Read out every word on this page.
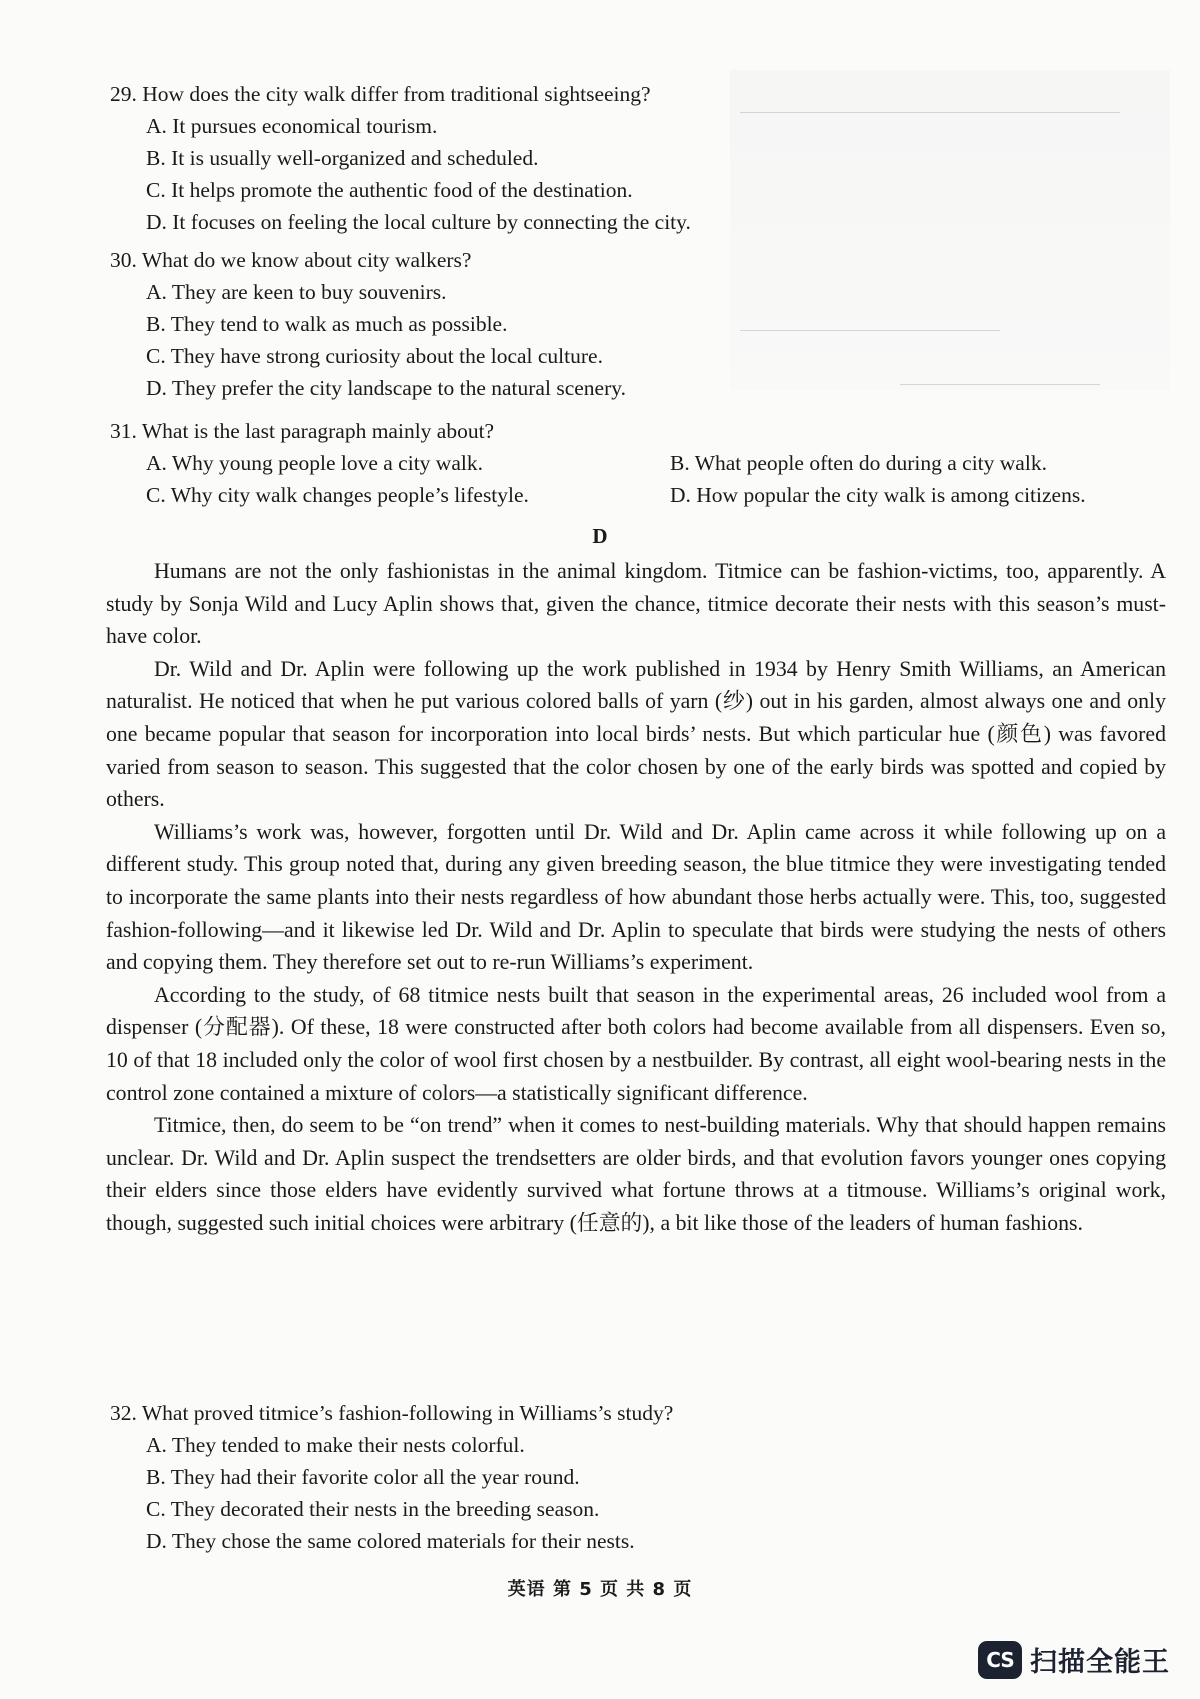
29. How does the city walk differ from traditional sightseeing?
A. It pursues economical tourism.
B. It is usually well-organized and scheduled.
C. It helps promote the authentic food of the destination.
D. It focuses on feeling the local culture by connecting the city.
30. What do we know about city walkers?
A. They are keen to buy souvenirs.
B. They tend to walk as much as possible.
C. They have strong curiosity about the local culture.
D. They prefer the city landscape to the natural scenery.
31. What is the last paragraph mainly about?
A. Why young people love a city walk.	B. What people often do during a city walk.
C. Why city walk changes people’s lifestyle.	D. How popular the city walk is among citizens.
D

Humans are not the only fashionistas in the animal kingdom. Titmice can be fashion-victims, too, apparently. A study by Sonja Wild and Lucy Aplin shows that, given the chance, titmice decorate their nests with this season’s must-have color.

Dr. Wild and Dr. Aplin were following up the work published in 1934 by Henry Smith Williams, an American naturalist. He noticed that when he put various colored balls of yarn (纱) out in his garden, almost always one and only one became popular that season for incorporation into local birds’ nests. But which particular hue (颜色) was favored varied from season to season. This suggested that the color chosen by one of the early birds was spotted and copied by others.

Williams’s work was, however, forgotten until Dr. Wild and Dr. Aplin came across it while following up on a different study. This group noted that, during any given breeding season, the blue titmice they were investigating tended to incorporate the same plants into their nests regardless of how abundant those herbs actually were. This, too, suggested fashion-following—and it likewise led Dr. Wild and Dr. Aplin to speculate that birds were studying the nests of others and copying them. They therefore set out to re-run Williams’s experiment.

According to the study, of 68 titmice nests built that season in the experimental areas, 26 included wool from a dispenser (分配器). Of these, 18 were constructed after both colors had become available from all dispensers. Even so, 10 of that 18 included only the color of wool first chosen by a nestbuilder. By contrast, all eight wool-bearing nests in the control zone contained a mixture of colors—a statistically significant difference.

Titmice, then, do seem to be “on trend” when it comes to nest-building materials. Why that should happen remains unclear. Dr. Wild and Dr. Aplin suspect the trendsetters are older birds, and that evolution favors younger ones copying their elders since those elders have evidently survived what fortune throws at a titmouse. Williams’s original work, though, suggested such initial choices were arbitrary (任意的), a bit like those of the leaders of human fashions.

32. What proved titmice’s fashion-following in Williams’s study?
A. They tended to make their nests colorful.
B. They had their favorite color all the year round.
C. They decorated their nests in the breeding season.
D. They chose the same colored materials for their nests.
英语 第 5 页 共 8 页
CS 扫描全能王
